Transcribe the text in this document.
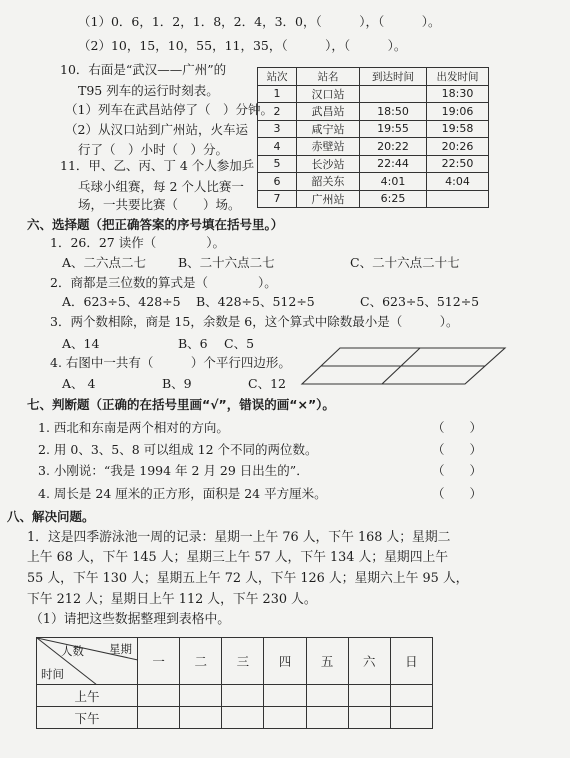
（1）0．6，1．2，1．8，2．4，3．0，（　　　），（　　　）。
（2）10，15，10，55，11，35，（　　　），（　　　）。
10．右面是“武汉——广州”的
T95 列车的运行时刻表。
（1）列车在武昌站停了（　）分钟。
（2）从汉口站到广州站，火车运
行了（　）小时（　）分。
11．甲、乙、丙、丁 4 个人参加乒
乓球小组赛，每 2 个人比赛一
场，一共要比赛（　　）场。
站次	站名	到达时间	出发时间
1	汉口站		18:30
2	武昌站	18:50	19:06
3	咸宁站	19:55	19:58
4	赤壁站	20:22	20:26
5	长沙站	22:44	22:50
6	韶关东	4:01	4:04
7	广州站	6:25	
六、选择题（把正确答案的序号填在括号里。）
1．26．27 读作（　　　　）。
A、二六点二七	B、二十六点二七	C、二十六点二十七
2．商都是三位数的算式是（　　　　）。
A．623÷5、428÷5 B、428÷5、512÷5	C、623÷5、512÷5
3．两个数相除，商是 15，余数是 6，这个算式中除数最小是（　　　）。
A、14	B、6 C、5
4. 右图中一共有（　　　）个平行四边形。
A、 4	B、9	C、12
七、判断题（正确的在括号里画“√”，错误的画“×”）。
1. 西北和东南是两个相对的方向。	（　　）
2. 用 0、3、5、8 可以组成 12 个不同的两位数。	（　　）
3. 小刚说：“我是 1994 年 2 月 29 日出生的”．	（　　）
4. 周长是 24 厘米的正方形，面积是 24 平方厘米。	（　　）
八、解决问题。
1．这是四季游泳池一周的记录：星期一上午 76 人，下午 168 人；星期二
上午 68 人，下午 145 人；星期三上午 57 人，下午 134 人；星期四上午
55 人，下午 130 人；星期五上午 72 人，下午 126 人；星期六上午 95 人，
下午 212 人；星期日上午 112 人，下午 230 人。
（1）请把这些数据整理到表格中。
人数 星期
时间	一	二	三	四	五	六	日
上午							
下午							
